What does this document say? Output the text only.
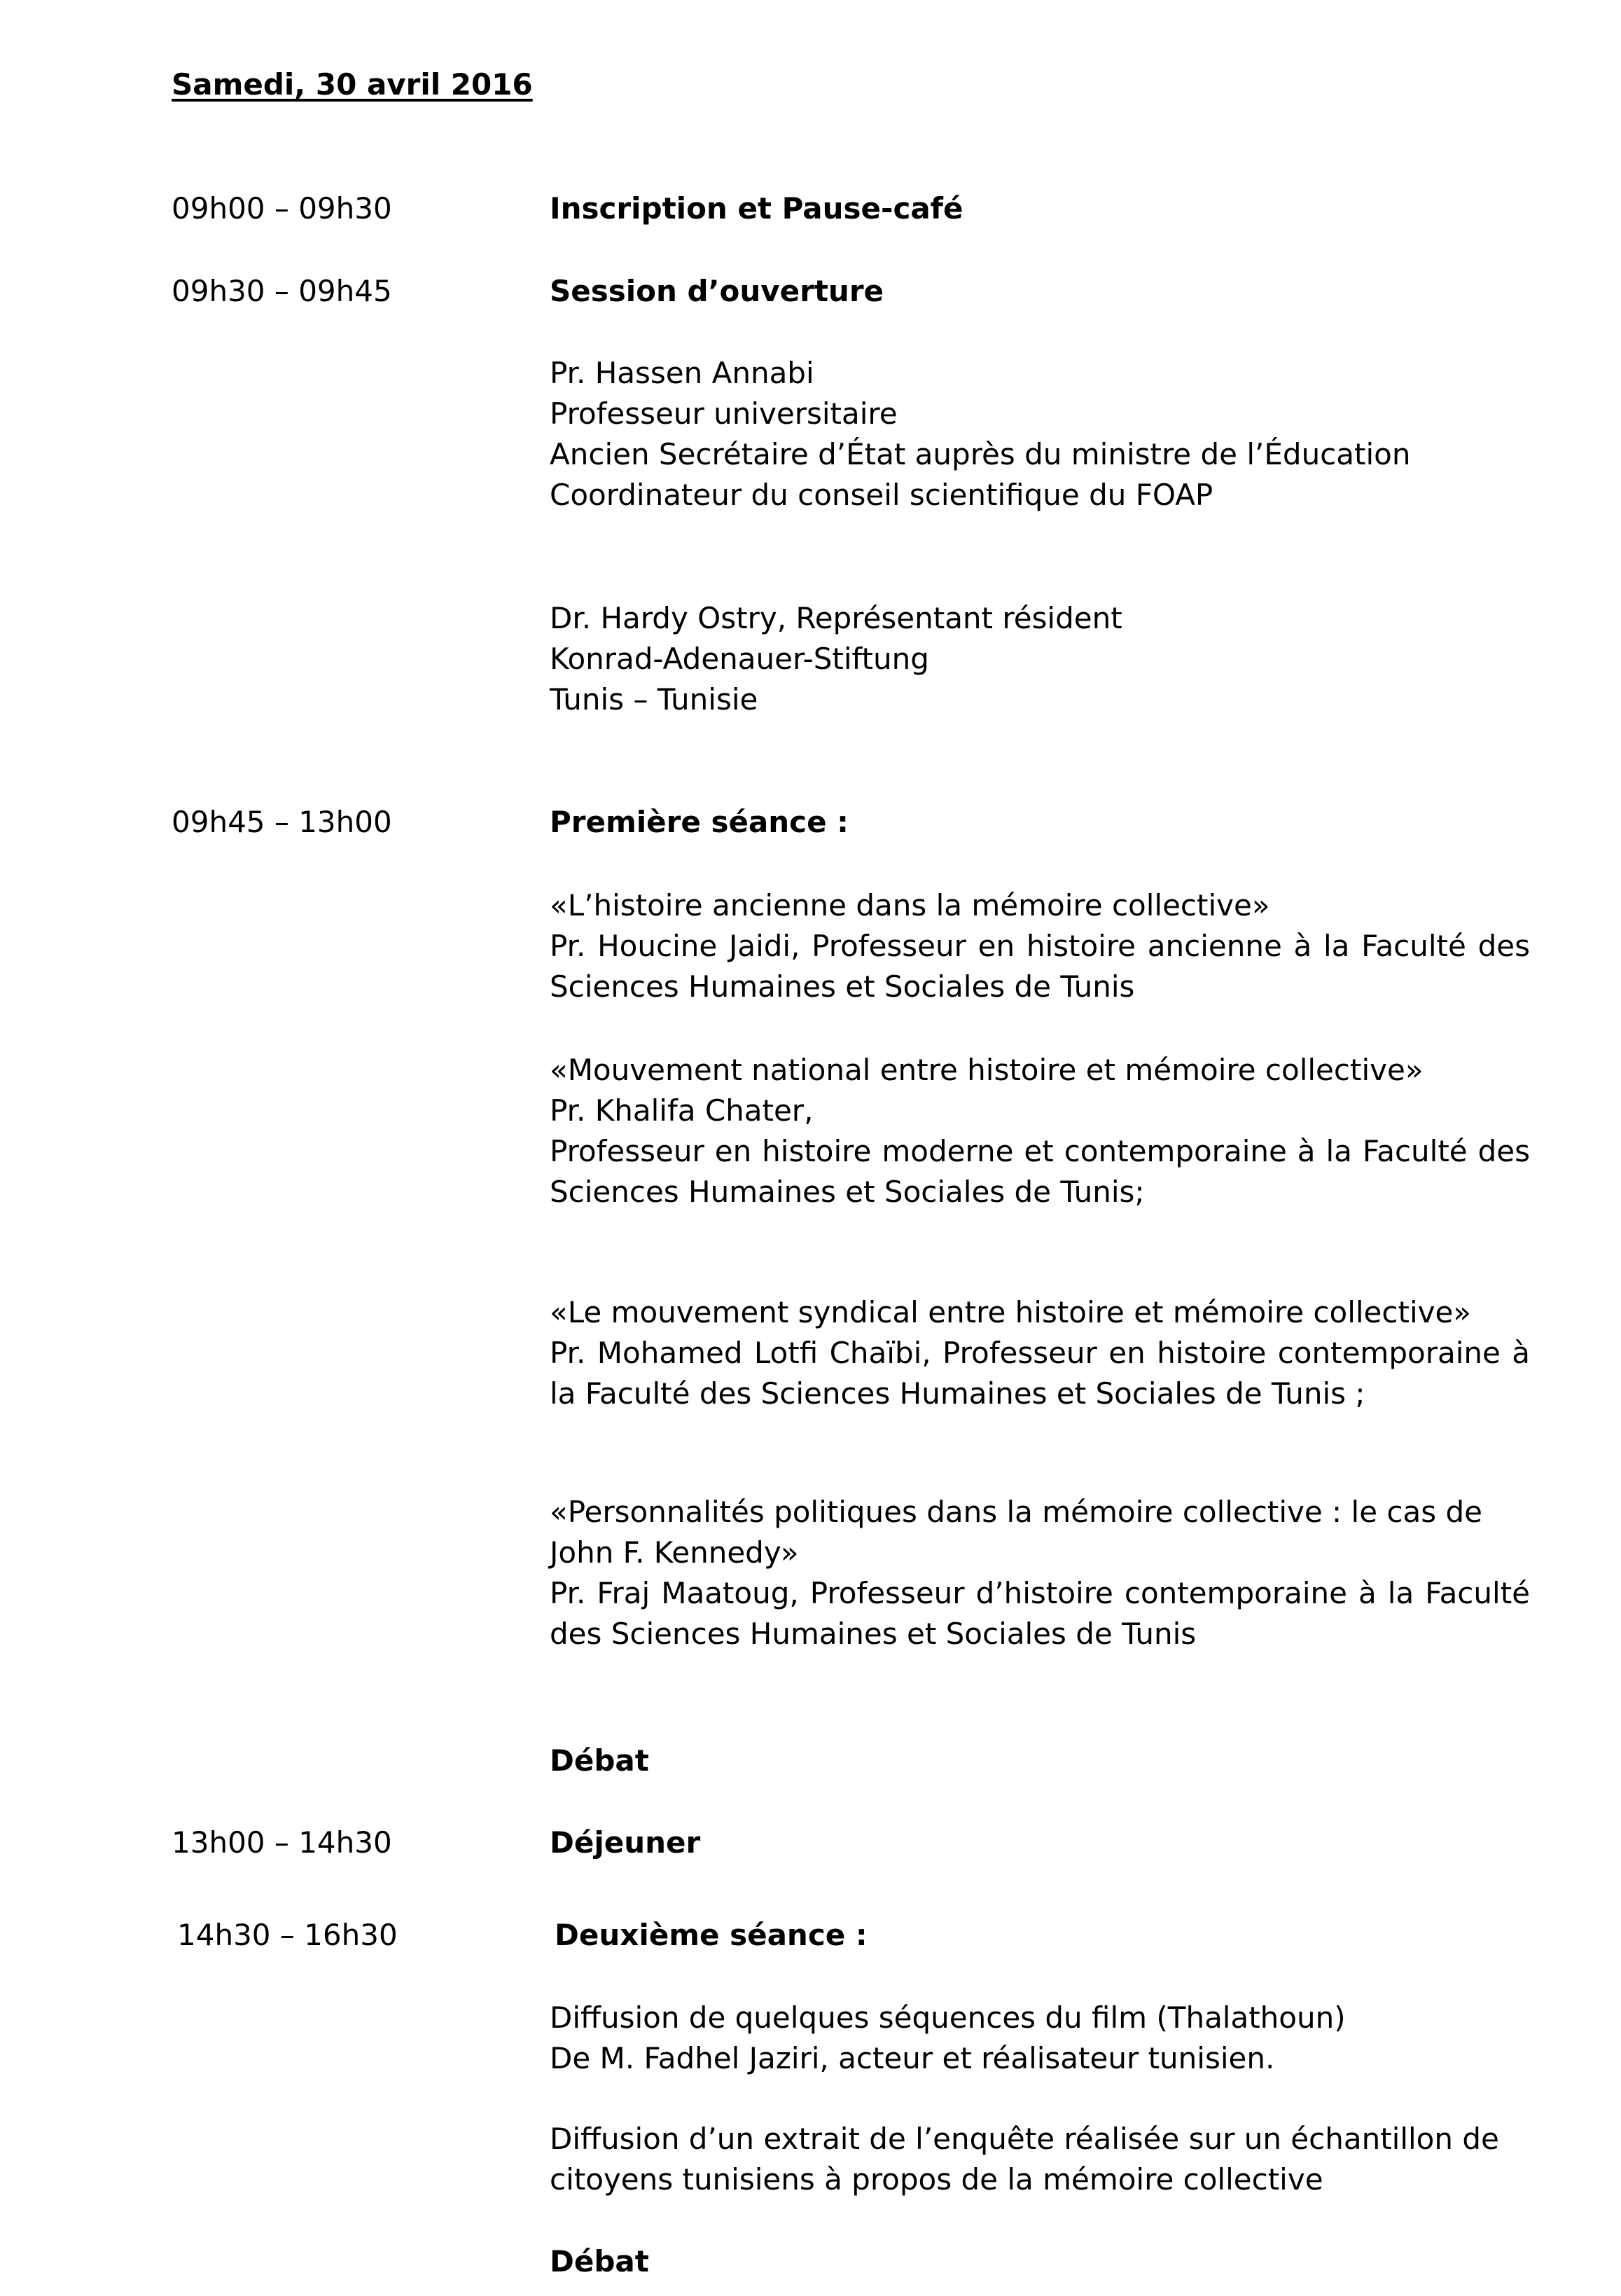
Samedi, 30 avril 2016
09h00 – 09h30	Inscription et Pause-café
09h30 – 09h45	Session d’ouverture
Pr. Hassen Annabi
Professeur universitaire
Ancien Secrétaire d’État auprès du ministre de l’Éducation
Coordinateur du conseil scientifique du FOAP
Dr. Hardy Ostry, Représentant résident
Konrad-Adenauer-Stiftung
Tunis – Tunisie
09h45 – 13h00	Première séance :
«L’histoire ancienne dans la mémoire collective»
Pr. Houcine Jaidi, Professeur en histoire ancienne à la Faculté des
Sciences Humaines et Sociales de Tunis
«Mouvement national entre histoire et mémoire collective»
Pr. Khalifa Chater,
Professeur en histoire moderne et contemporaine à la Faculté des
Sciences Humaines et Sociales de Tunis;
«Le mouvement syndical entre histoire et mémoire collective»
Pr. Mohamed Lotfi Chaïbi, Professeur en histoire contemporaine à
la Faculté des Sciences Humaines et Sociales de Tunis ;
«Personnalités politiques dans la mémoire collective : le cas de
John F. Kennedy»
Pr. Fraj Maatoug, Professeur d’histoire contemporaine à la Faculté
des Sciences Humaines et Sociales de Tunis
Débat
13h00 – 14h30	Déjeuner
14h30 – 16h30	Deuxième séance :
Diffusion de quelques séquences du film (Thalathoun)
De M. Fadhel Jaziri, acteur et réalisateur tunisien.
Diffusion d’un extrait de l’enquête réalisée sur un échantillon de
citoyens tunisiens à propos de la mémoire collective
Débat
